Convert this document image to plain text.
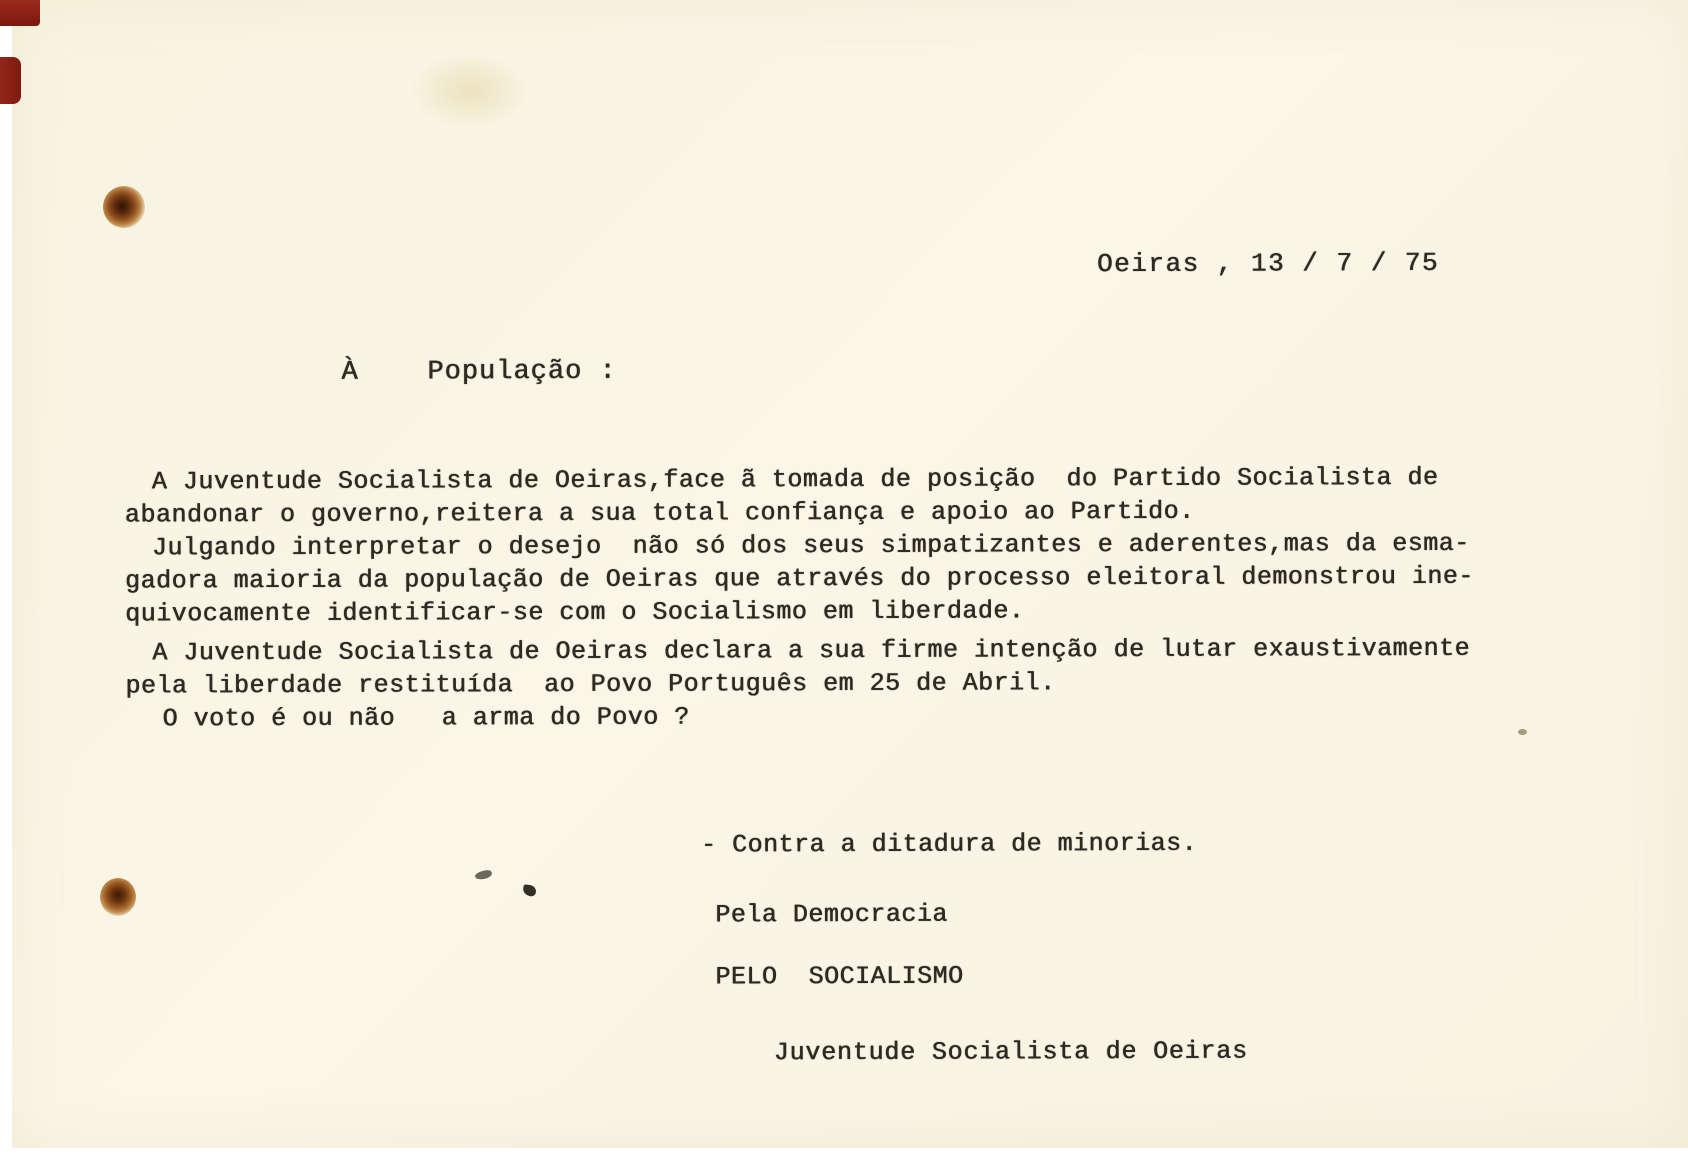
Oeiras , 13 / 7 / 75
À    População :
A Juventude Socialista de Oeiras,face ã tomada de posição  do Partido Socialista de
abandonar o governo,reitera a sua total confiança e apoio ao Partido.
Julgando interpretar o desejo  não só dos seus simpatizantes e aderentes,mas da esma-
gadora maioria da população de Oeiras que através do processo eleitoral demonstrou ine-
quivocamente identificar-se com o Socialismo em liberdade.
A Juventude Socialista de Oeiras declara a sua firme intenção de lutar exaustivamente
pela liberdade restituída  ao Povo Português em 25 de Abril.
O voto é ou não   a arma do Povo ?
- Contra a ditadura de minorias.
Pela Democracia
PELO  SOCIALISMO
Juventude Socialista de Oeiras
